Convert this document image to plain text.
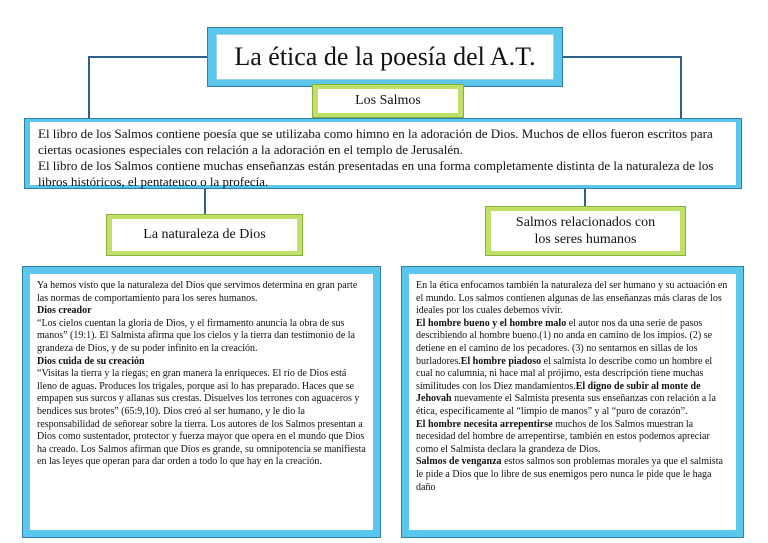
La ética de la poesía del A.T.
Los Salmos
El libro de los Salmos contiene poesía que se utilizaba como himno en la adoración de Dios. Muchos de ellos fueron escritos para ciertas ocasiones especiales con relación a la adoración en el templo de Jerusalén.
El libro de los Salmos contiene muchas enseñanzas están presentadas en una forma completamente distinta de la naturaleza de los libros históricos, el pentateuco o la profecía.
La naturaleza de Dios
Salmos relacionados con los seres humanos

Ya hemos visto que la naturaleza del Dios que servimos determina en gran parte las normas de comportamiento para los seres humanos.

Dios creador

“Los cielos cuentan la gloria de Dios, y el firmamento anuncia la obra de sus manos” (19:1). El Salmista afirma que los cielos y la tierra dan testimonio de la grandeza de Dios, y de su poder infinito en la creación.

Dios cuida de su creación

“Visitas la tierra y la riegas; en gran manera la enriqueces. El río de Dios está lleno de aguas. Produces los trigales, porque así lo has preparado. Haces que se empapen sus surcos y allanas sus crestas. Disuelves los terrones con aguaceros y bendices sus brotes” (65:9,10). Dios creó al ser humano, y le dio la responsabilidad de señorear sobre la tierra. Los autores de los Salmos presentan a Dios como sustentador, protector y fuerza mayor que opera en el mundo que Dios ha creado. Los Salmos afirman que Dios es grande, su omnipotencia se manifiesta en las leyes que operan para dar orden a todo lo que hay en la creación.

En la ética enfocamos también la naturaleza del ser humano y su actuación en el mundo. Los salmos contienen algunas de las enseñanzas más claras de los ideales por los cuales debemos vivir.

El hombre bueno y el hombre malo el autor nos da una serie de pasos describiendo al hombre bueno.(1) no anda en camino de los impíos. (2) se detiene en el camino de los pecadores. (3) no sentarnos en sillas de los burladores.El hombre piadoso el salmista lo describe como un hombre el cual no calumnia, ni hace mal al prójimo, esta descripción tiene muchas similitudes con los Diez mandamientos.El digno de subir al monte de Jehovah nuevamente el Salmista presenta sus enseñanzas con relación a la ética, específicamente al “limpio de manos” y al “puro de corazón”.

El hombre necesita arrepentirse muchos de los Salmos muestran la necesidad del hombre de arrepentirse, también en estos podemos apreciar como el Salmista declara la grandeza de Dios.

Salmos de venganza estos salmos son problemas morales ya que el salmista le pide a Dios que lo libre de sus enemigos pero nunca le pide que le haga daño
